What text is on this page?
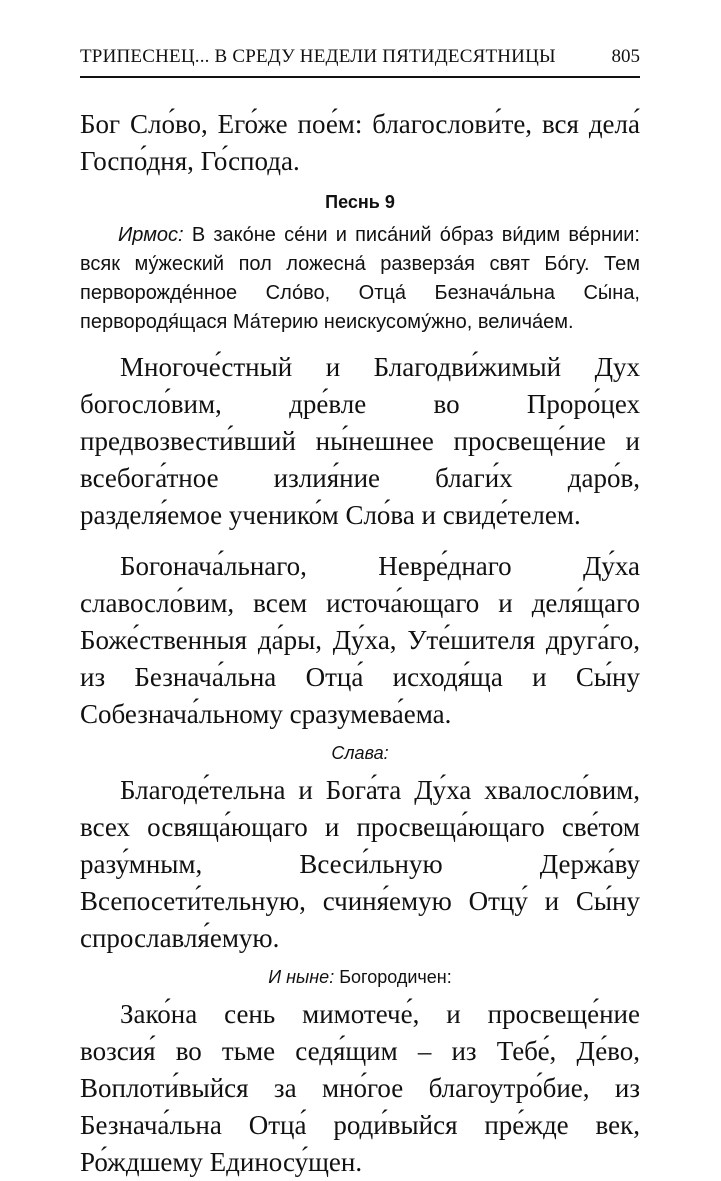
ТРИПЕСНЕЦ... В СРЕДУ НЕДЕЛИ ПЯТИДЕСЯТНИЦЫ	805

Бог Сло́во, Его́же пое́м: благослови́те, вся дела́ Госпо́дня, Го́спода.

Песнь 9

Ирмос: В зако́не се́ни и писа́ний о́браз ви́дим ве́рнии: всяк му́жеский пол ложесна́ разверза́я свят Бо́гу. Тем перворожде́нное Сло́во, Отца́ Безнача́льна Сы́на, первородя́щася Ма́терию неискусому́жно, велича́ем.

Многоче́стный и Благодви́жимый Дух богосло́вим, дре́вле во Проро́цех предвозвести́вший ны́нешнее просвеще́ние и всебога́тное излия́ние благи́х даро́в, разделя́емое ученико́м Сло́ва и свиде́телем.

Богонача́льнаго, Невре́днаго Ду́ха славосло́вим, всем источа́ющаго и деля́щаго Боже́ственныя да́ры, Ду́ха, Уте́шителя друга́го, из Безнача́льна Отца́ исходя́ща и Сы́ну Собезнача́льному сразумева́ема.

Слава:

Благоде́тельна и Бога́та Ду́ха хвалосло́вим, всех освяща́ющаго и просвеща́ющаго све́том разу́мным, Всеси́льную Держа́ву Всепосети́тельную, счиня́емую Отцу́ и Сы́ну спрославля́емую.

И ныне: Богородичен:

Зако́на сень мимотече́, и просвеще́ние возсия́ во тьме седя́щим – из Тебе́, Де́во, Воплоти́выйся за мно́гое благоутро́бие, из Безнача́льна Отца́ роди́выйся пре́жде век, Ро́ждшему Единосу́щен.
